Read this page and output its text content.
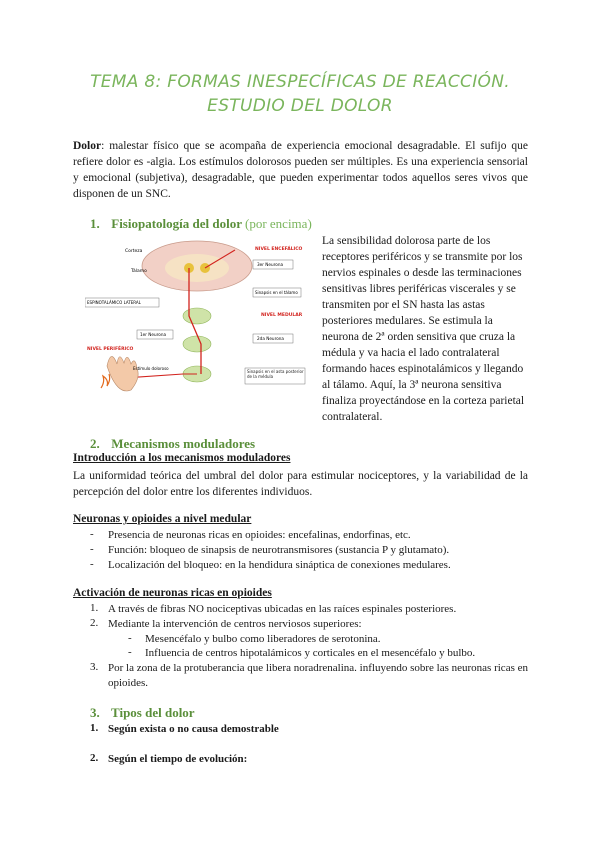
TEMA 8: FORMAS INESPECÍFICAS DE REACCIÓN. ESTUDIO DEL DOLOR
Dolor: malestar físico que se acompaña de experiencia emocional desagradable. El sufijo que refiere dolor es -algia. Los estímulos dolorosos pueden ser múltiples. Es una experiencia sensorial y emocional (subjetiva), desagradable, que pueden experimentar todos aquellos seres vivos que disponen de un SNC.
1. Fisiopatología del dolor (por encima)
Corteza
Tálamo
NIVEL ENCEFÁLICO
3er Neurona
Sinapsis en el tálamo
ESPINOTALÁMICO LATERAL
NIVEL MEDULAR
1er Neurona
2da Neurona
NIVEL PERIFÉRICO
Estímulo doloroso
Sinapsis en el asta posterior de la médula
La sensibilidad dolorosa parte de los receptores periféricos y se transmite por los nervios espinales o desde las terminaciones sensitivas libres periféricas viscerales y se transmiten por el SN hasta las astas posteriores medulares. Se estimula la neurona de 2ª orden sensitiva que cruza la médula y va hacia el lado contralateral formando haces espinotalámicos y llegando al tálamo. Aquí, la 3ª neurona sensitiva finaliza proyectándose en la corteza parietal contralateral.
2. Mecanismos moduladores
Introducción a los mecanismos moduladores
La uniformidad teórica del umbral del dolor para estimular nociceptores, y la variabilidad de la percepción del dolor entre los diferentes individuos.
Neuronas y opioides a nivel medular
- Presencia de neuronas ricas en opioides: encefalinas, endorfinas, etc.
- Función: bloqueo de sinapsis de neurotransmisores (sustancia P y glutamato).
- Localización del bloqueo: en la hendidura sináptica de conexiones medulares.
Activación de neuronas ricas en opioides
1. A través de fibras NO nociceptivas ubicadas en las raíces espinales posteriores.
2. Mediante la intervención de centros nerviosos superiores:
- Mesencéfalo y bulbo como liberadores de serotonina.
- Influencia de centros hipotalámicos y corticales en el mesencéfalo y bulbo.
3. Por la zona de la protuberancia que libera noradrenalina. influyendo sobre las neuronas ricas en opioides.
3. Tipos del dolor
1. Según exista o no causa demostrable
2. Según el tiempo de evolución:
